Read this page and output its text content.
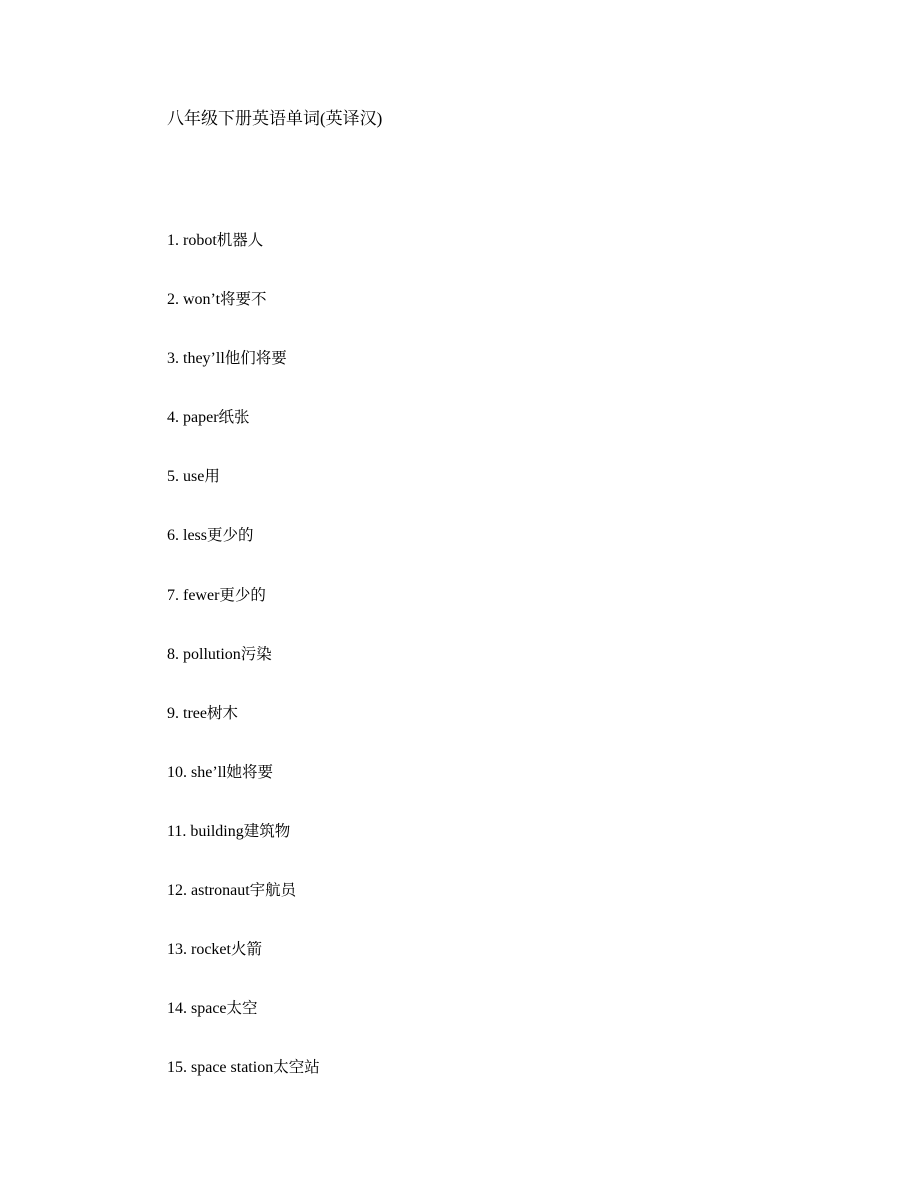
八年级下册英语单词(英译汉)
1. robot机器人
2. won’t将要不
3. they’ll他们将要
4. paper纸张
5. use用
6. less更少的
7. fewer更少的
8. pollution污染
9. tree树木
10. she’ll她将要
11. building建筑物
12. astronaut宇航员
13. rocket火箭
14. space太空
15. space station太空站
